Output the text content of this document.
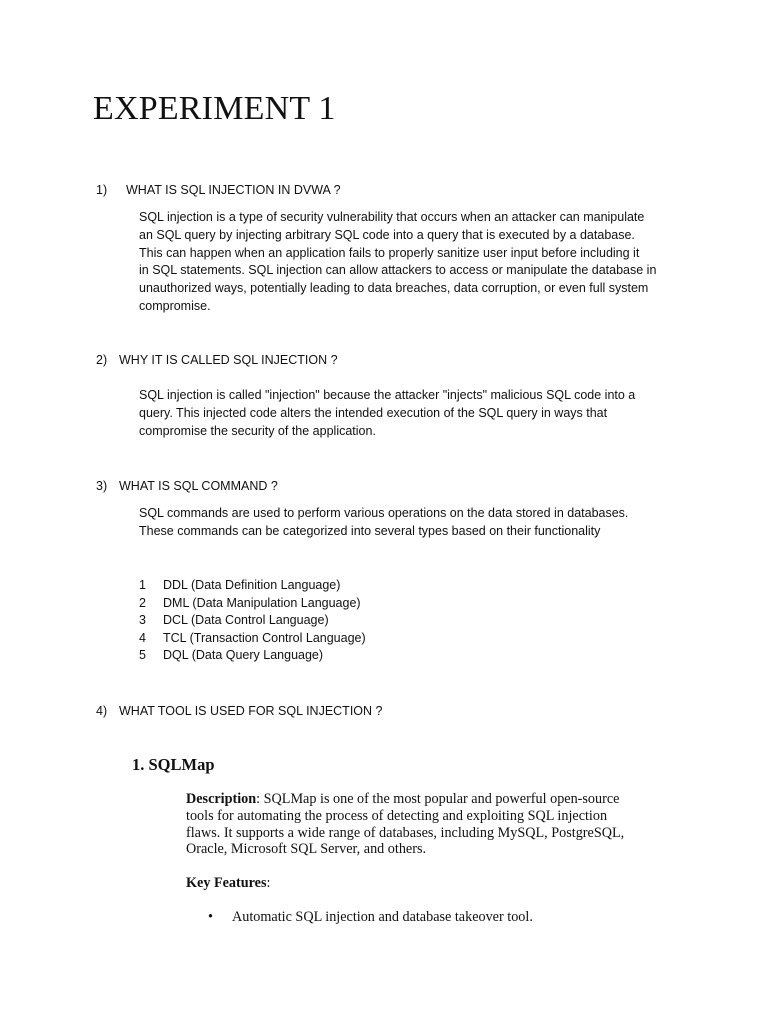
EXPERIMENT 1
1) WHAT IS SQL INJECTION IN DVWA ?
SQL injection is a type of security vulnerability that occurs when an attacker can manipulate
an SQL query by injecting arbitrary SQL code into a query that is executed by a database.
This can happen when an application fails to properly sanitize user input before including it
in SQL statements. SQL injection can allow attackers to access or manipulate the database in
unauthorized ways, potentially leading to data breaches, data corruption, or even full system
compromise.
2) WHY IT IS CALLED SQL INJECTION ?
SQL injection is called "injection" because the attacker "injects" malicious SQL code into a
query. This injected code alters the intended execution of the SQL query in ways that
compromise the security of the application.
3) WHAT IS SQL COMMAND ?
SQL commands are used to perform various operations on the data stored in databases.
These commands can be categorized into several types based on their functionality
1 DDL (Data Definition Language)
2 DML (Data Manipulation Language)
3 DCL (Data Control Language)
4 TCL (Transaction Control Language)
5 DQL (Data Query Language)
4) WHAT TOOL IS USED FOR SQL INJECTION ?
1. SQLMap
Description: SQLMap is one of the most popular and powerful open-source
tools for automating the process of detecting and exploiting SQL injection
flaws. It supports a wide range of databases, including MySQL, PostgreSQL,
Oracle, Microsoft SQL Server, and others.
Key Features:
• Automatic SQL injection and database takeover tool.
